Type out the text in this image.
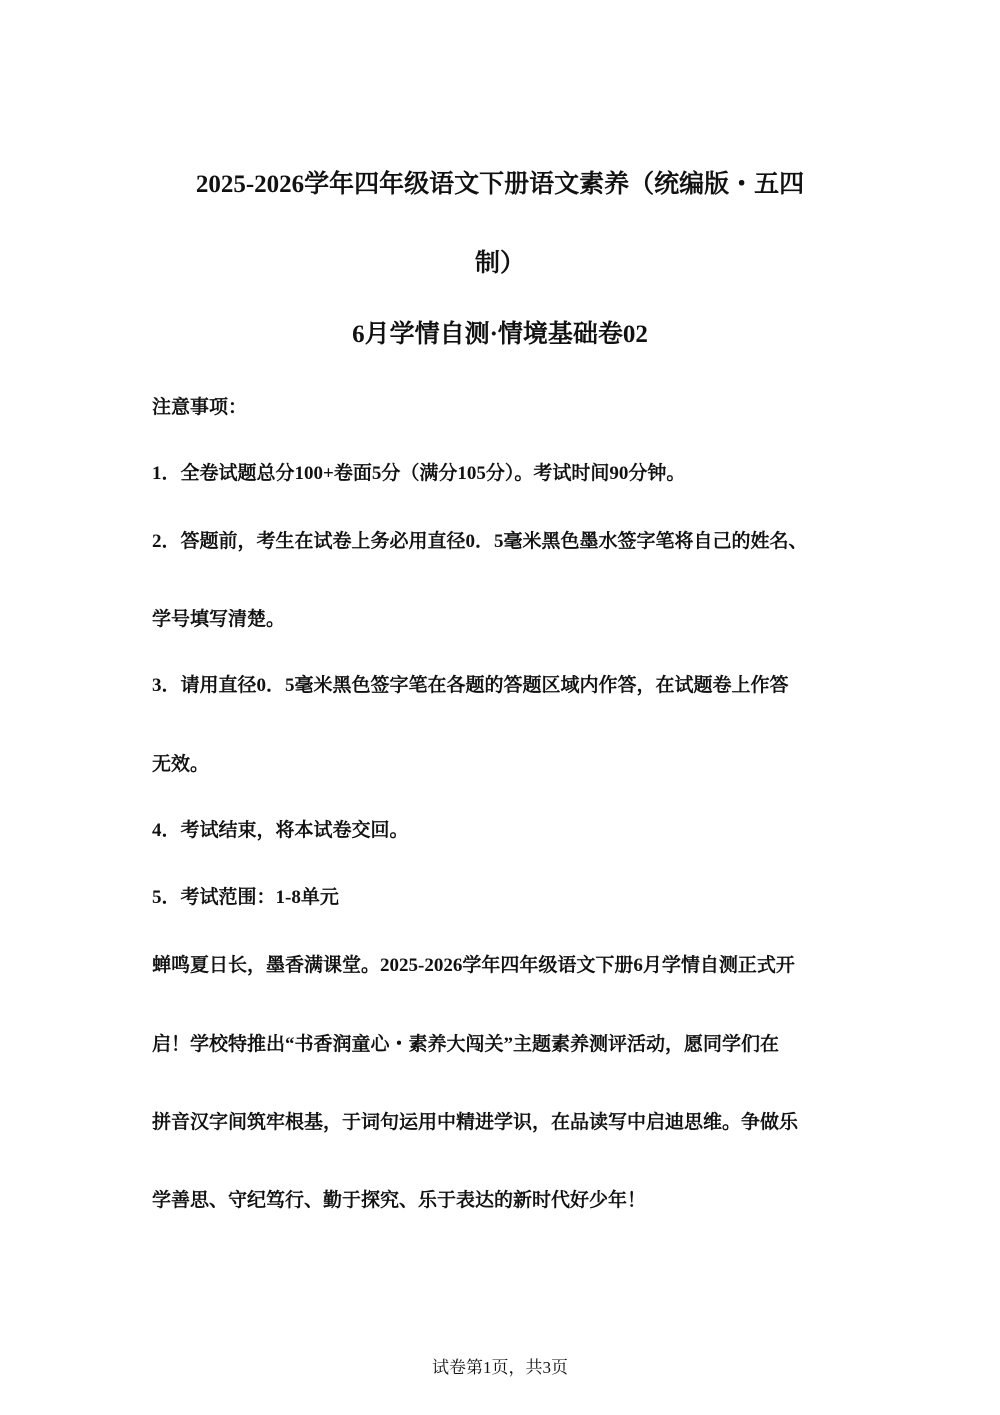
2025-2026学年四年级语文下册语文素养（统编版・五四
制）
6月学情自测·情境基础卷02
注意事项：
1．全卷试题总分100+卷面5分（满分105分）。考试时间90分钟。
2．答题前，考生在试卷上务必用直径0．5毫米黑色墨水签字笔将自己的姓名、
学号填写清楚。
3．请用直径0．5毫米黑色签字笔在各题的答题区域内作答，在试题卷上作答
无效。
4．考试结束，将本试卷交回。
5．考试范围：1-8单元
蝉鸣夏日长，墨香满课堂。2025-2026学年四年级语文下册6月学情自测正式开
启！学校特推出“书香润童心・素养大闯关”主题素养测评活动，愿同学们在
拼音汉字间筑牢根基，于词句运用中精进学识，在品读写中启迪思维。争做乐
学善思、守纪笃行、勤于探究、乐于表达的新时代好少年！
试卷第1页，共3页
